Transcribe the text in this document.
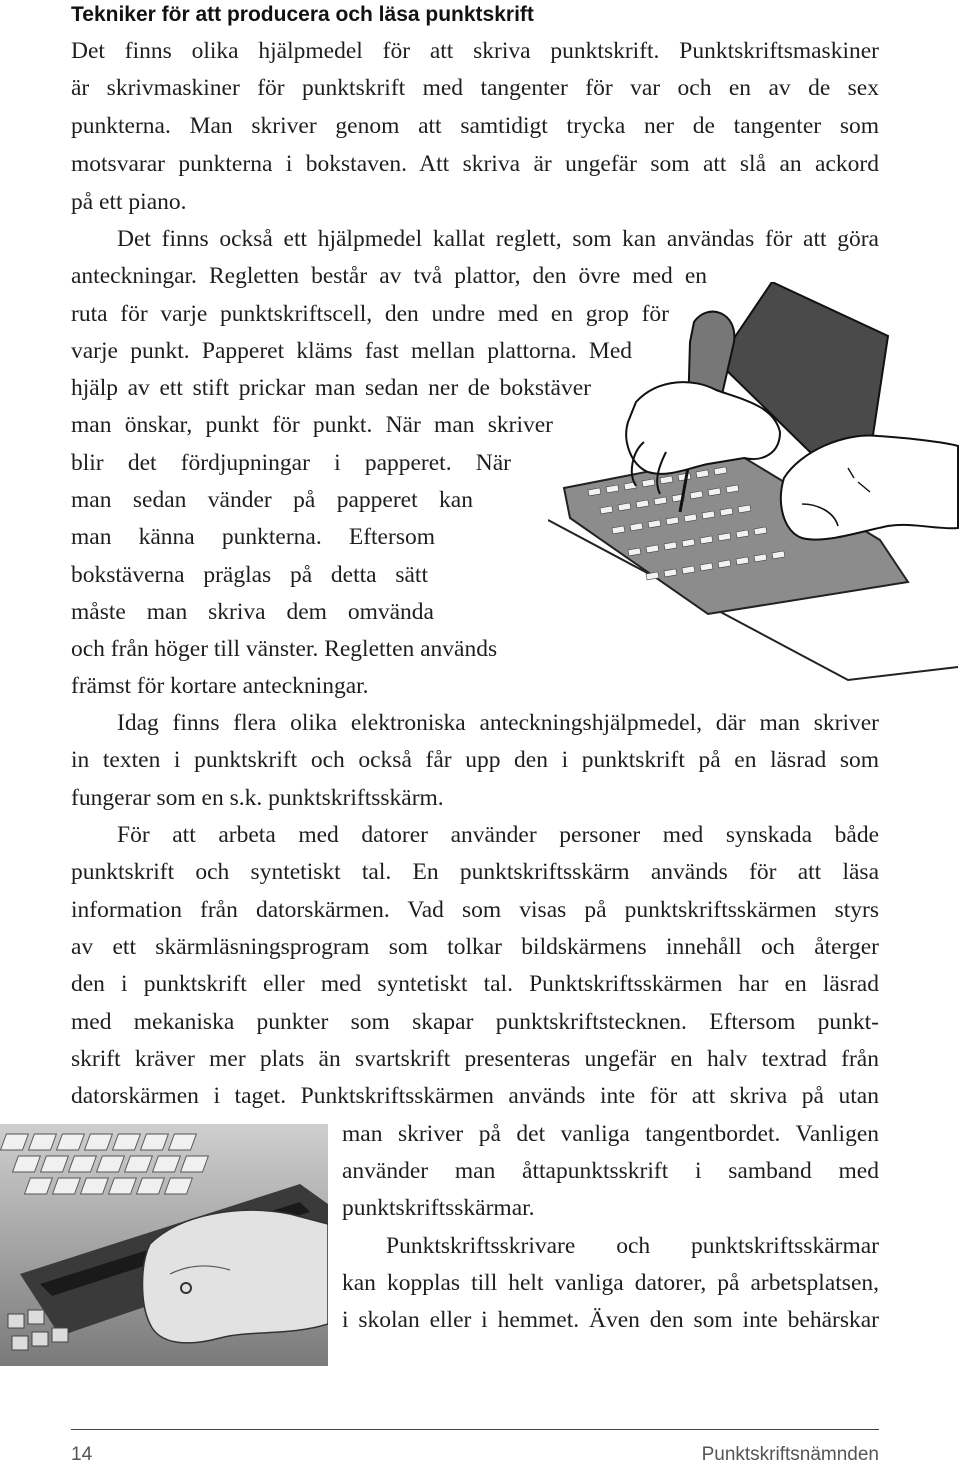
Tekniker för att producera och läsa punktskrift

Det finns olika hjälpmedel för att skriva punktskrift. Punktskriftsmaskiner

är skrivmaskiner för punktskrift med tangenter för var och en av de sex

punkterna. Man skriver genom att samtidigt trycka ner de tangenter som

motsvarar punkterna i bokstaven. Att skriva är ungefär som att slå an ackord

på ett piano.

Det finns också ett hjälpmedel kallat reglett, som kan användas för att göra

anteckningar. Regletten består av två plattor, den övre med en

ruta för varje punktskriftscell, den undre med en grop för

varje punkt. Papperet kläms fast mellan plattorna. Med

hjälp av ett stift prickar man sedan ner de bokstäver

man önskar, punkt för punkt. När man skriver

blir det fördjupningar i papperet. När

man sedan vänder på papperet kan

man känna punkterna. Eftersom

bokstäverna präglas på detta sätt

måste man skriva dem omvända

och från höger till vänster. Regletten används

främst för kortare anteckningar.

Idag finns flera olika elektroniska anteckningshjälpmedel, där man skriver

in texten i punktskrift och också får upp den i punktskrift på en läsrad som

fungerar som en s.k. punktskriftsskärm.

För att arbeta med datorer använder personer med synskada både

punktskrift och syntetiskt tal. En punktskriftsskärm används för att läsa

information från datorskärmen. Vad som visas på punktskriftsskärmen styrs

av ett skärmläsningsprogram som tolkar bildskärmens innehåll och återger

den i punktskrift eller med syntetiskt tal. Punktskriftsskärmen har en läsrad

med mekaniska punkter som skapar punktskriftstecknen. Eftersom punkt-

skrift kräver mer plats än svartskrift presenteras ungefär en halv textrad från

datorskärmen i taget. Punktskriftsskärmen används inte för att skriva på utan

man skriver på det vanliga tangentbordet. Vanligen

använder man åttapunktsskrift i samband med

punktskriftsskärmar.

Punktskriftsskrivare och punktskriftsskärmar

kan kopplas till helt vanliga datorer, på arbetsplatsen,

i skolan eller i hemmet. Även den som inte behärskar

14	Punktskriftsnämnden
